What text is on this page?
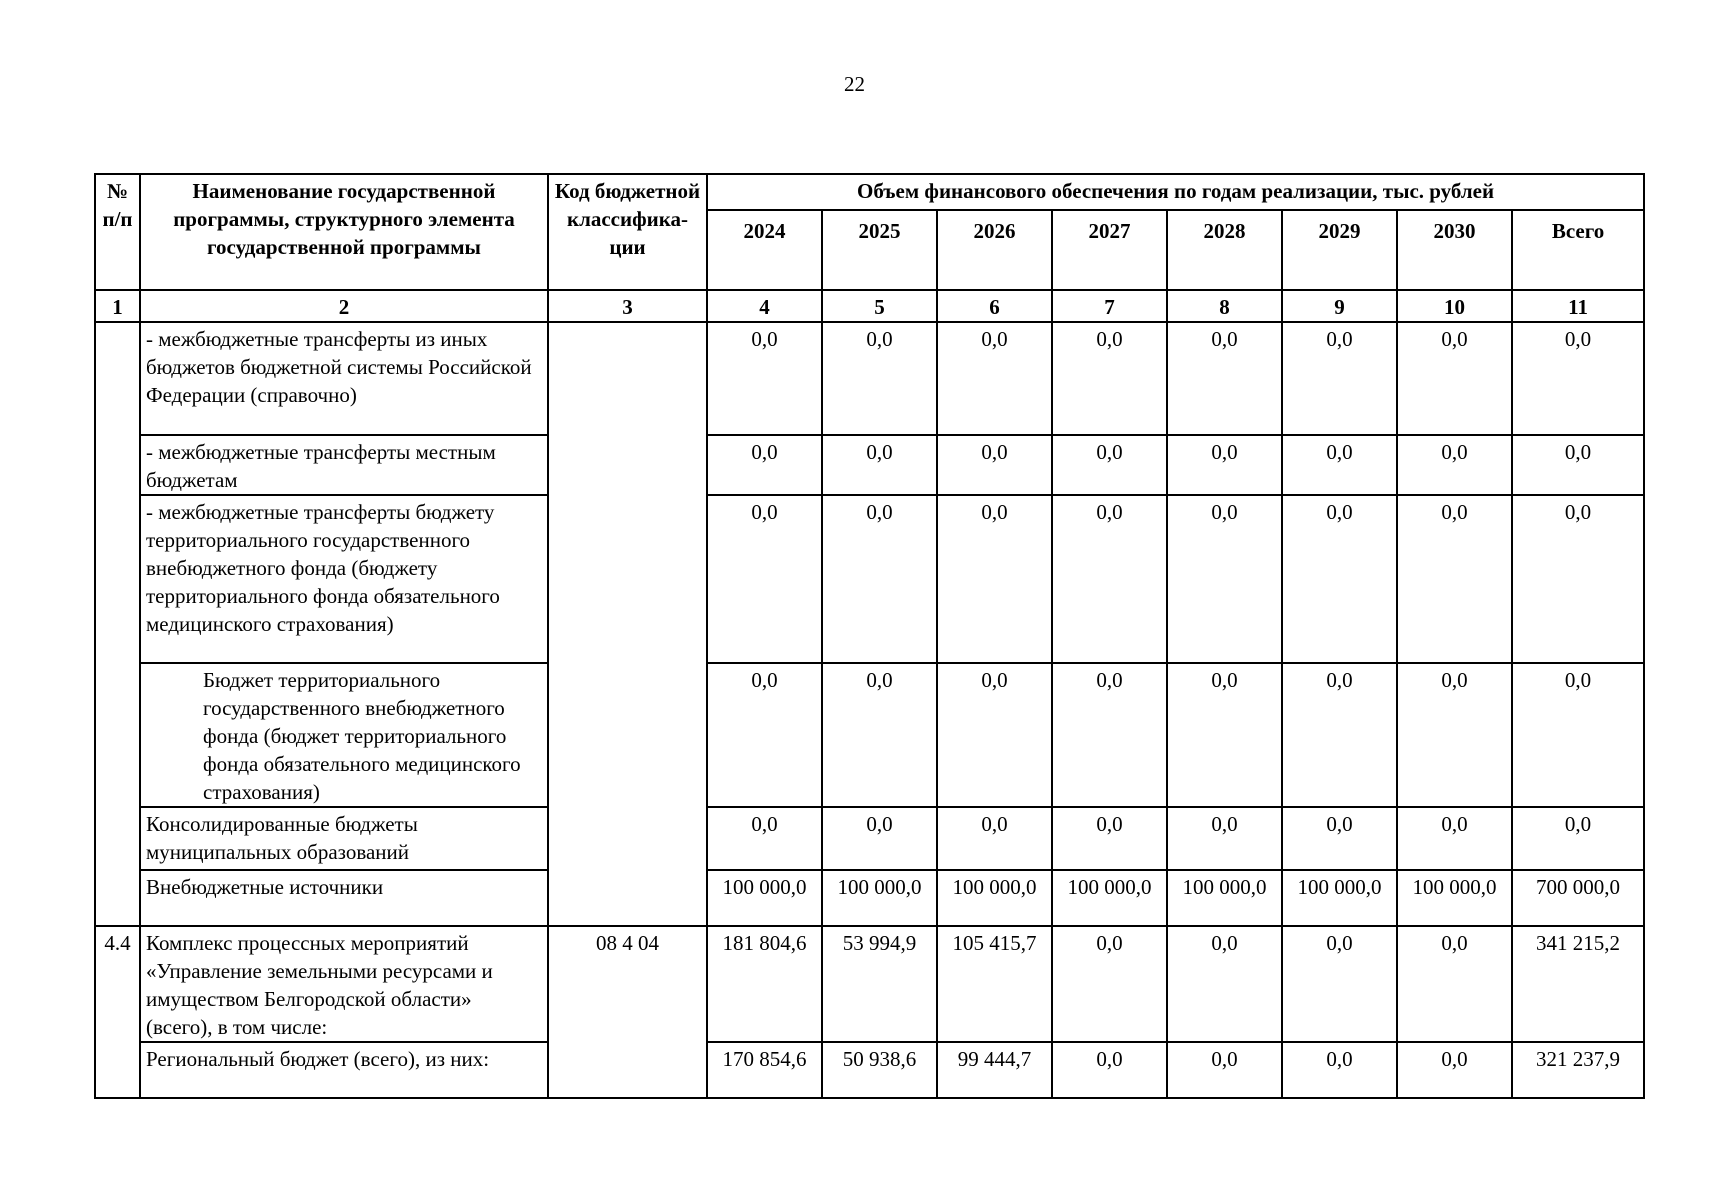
22
№ п/п	Наименование государственной программы, структурного элемента государственной программы	Код бюджетной классифика-ции	Объем финансового обеспечения по годам реализации, тыс. рублей							
			2024	2025	2026	2027	2028	2029	2030	Всего
1	2	3	4	5	6	7	8	9	10	11
	- межбюджетные трансферты из иных бюджетов бюджетной системы Российской Федерации (справочно)		0,0	0,0	0,0	0,0	0,0	0,0	0,0	0,0
	- межбюджетные трансферты местным бюджетам		0,0	0,0	0,0	0,0	0,0	0,0	0,0	0,0
	- межбюджетные трансферты бюджету территориального государственного внебюджетного фонда (бюджету территориального фонда обязательного медицинского страхования)		0,0	0,0	0,0	0,0	0,0	0,0	0,0	0,0
	Бюджет территориального государственного внебюджетного фонда (бюджет территориального фонда обязательного медицинского страхования)		0,0	0,0	0,0	0,0	0,0	0,0	0,0	0,0
	Консолидированные бюджеты муниципальных образований		0,0	0,0	0,0	0,0	0,0	0,0	0,0	0,0
	Внебюджетные источники		100 000,0	100 000,0	100 000,0	100 000,0	100 000,0	100 000,0	100 000,0	700 000,0
4.4	Комплекс процессных мероприятий «Управление земельными ресурсами и имуществом Белгородской области» (всего), в том числе:	08 4 04	181 804,6	53 994,9	105 415,7	0,0	0,0	0,0	0,0	341 215,2
	Региональный бюджет (всего), из них:		170 854,6	50 938,6	99 444,7	0,0	0,0	0,0	0,0	321 237,9
